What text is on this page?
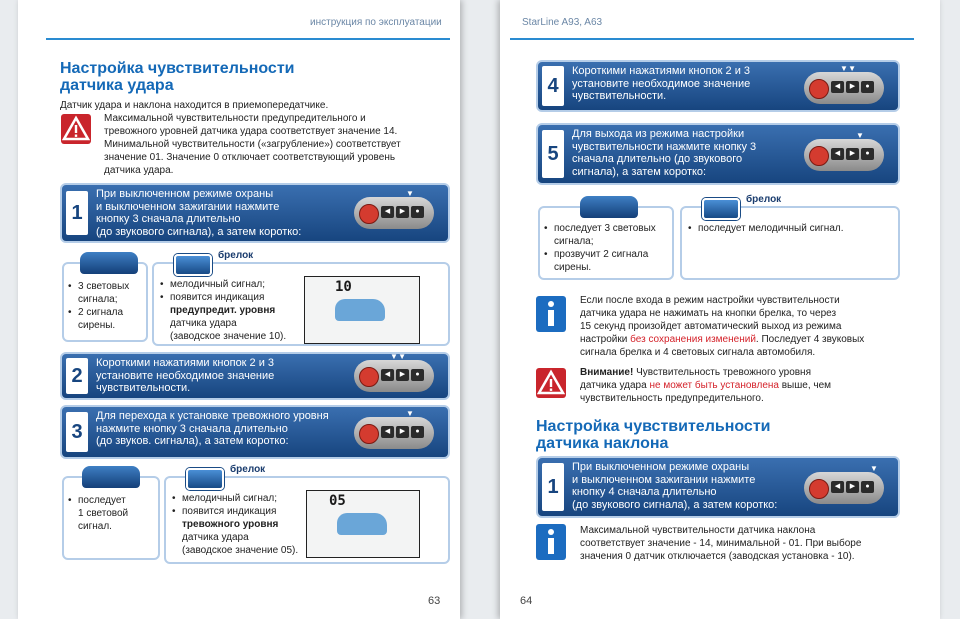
инструкция по эксплуатации
Настройка чувствительности
датчика удара
Датчик удара и наклона находится в приемопередатчике.
Максимальной чувствительности предупредительного и
тревожного уровней датчика удара соответствует значение 14.
Минимальной чувствительности («загрубление») соответствует
значение 01. Значение 0 отключает соответствующий уровень
датчика удара.
1
При выключенном режиме охраны
и выключенном зажигании нажмите
кнопку 3 сначала длительно
(до звукового сигнала), а затем коротко:
▼
◀	▶	●
• 3 световых сигнала;
• 2 сигнала сирены.
брелок
• мелодичный сигнал;
• появится индикация
предупредит. уровня
датчика удара
(заводское значение 10).
10
2
Короткими нажатиями кнопок 2 и 3
установите необходимое значение
чувствительности.
▼ ▼
◀	▶	●
3
Для перехода к установке тревожного уровня
нажмите кнопку 3 сначала длительно
(до звуков. сигнала), а затем коротко:
▼
◀	▶	●
• последует
1 световой
сигнал.
брелок
• мелодичный сигнал;
• появится индикация
тревожного уровня
датчика удара
(заводское значение 05).
05
63
StarLine A93, A63
4
Короткими нажатиями кнопок 2 и 3
установите необходимое значение
чувствительности.
▼ ▼
◀	▶	●
5
Для выхода из режима настройки
чувствительности нажмите кнопку 3
сначала длительно (до звукового
сигнала), а затем коротко:
▼
◀	▶	●
• последует 3 световых
сигнала;
• прозвучит 2 сигнала
сирены.
брелок
• последует мелодичный сигнал.
Если после входа в режим настройки чувствительности
датчика удара не нажимать на кнопки брелка, то через
15 секунд произойдет автоматический выход из режима
настройки без сохранения изменений. Последует 4 звуковых
сигнала брелка и 4 световых сигнала автомобиля.
Внимание! Чувствительность тревожного уровня
датчика удара не может быть установлена выше, чем
чувствительность предупредительного.
Настройка чувствительности
датчика наклона
1
При выключенном режиме охраны
и выключенном зажигании нажмите
кнопку 4 сначала длительно
(до звукового сигнала), а затем коротко:
▼
◀	▶	●
Максимальной чувствительности датчика наклона
соответствует значение - 14, минимальной - 01. При выборе
значения 0 датчик отключается (заводская установка - 10).
64
